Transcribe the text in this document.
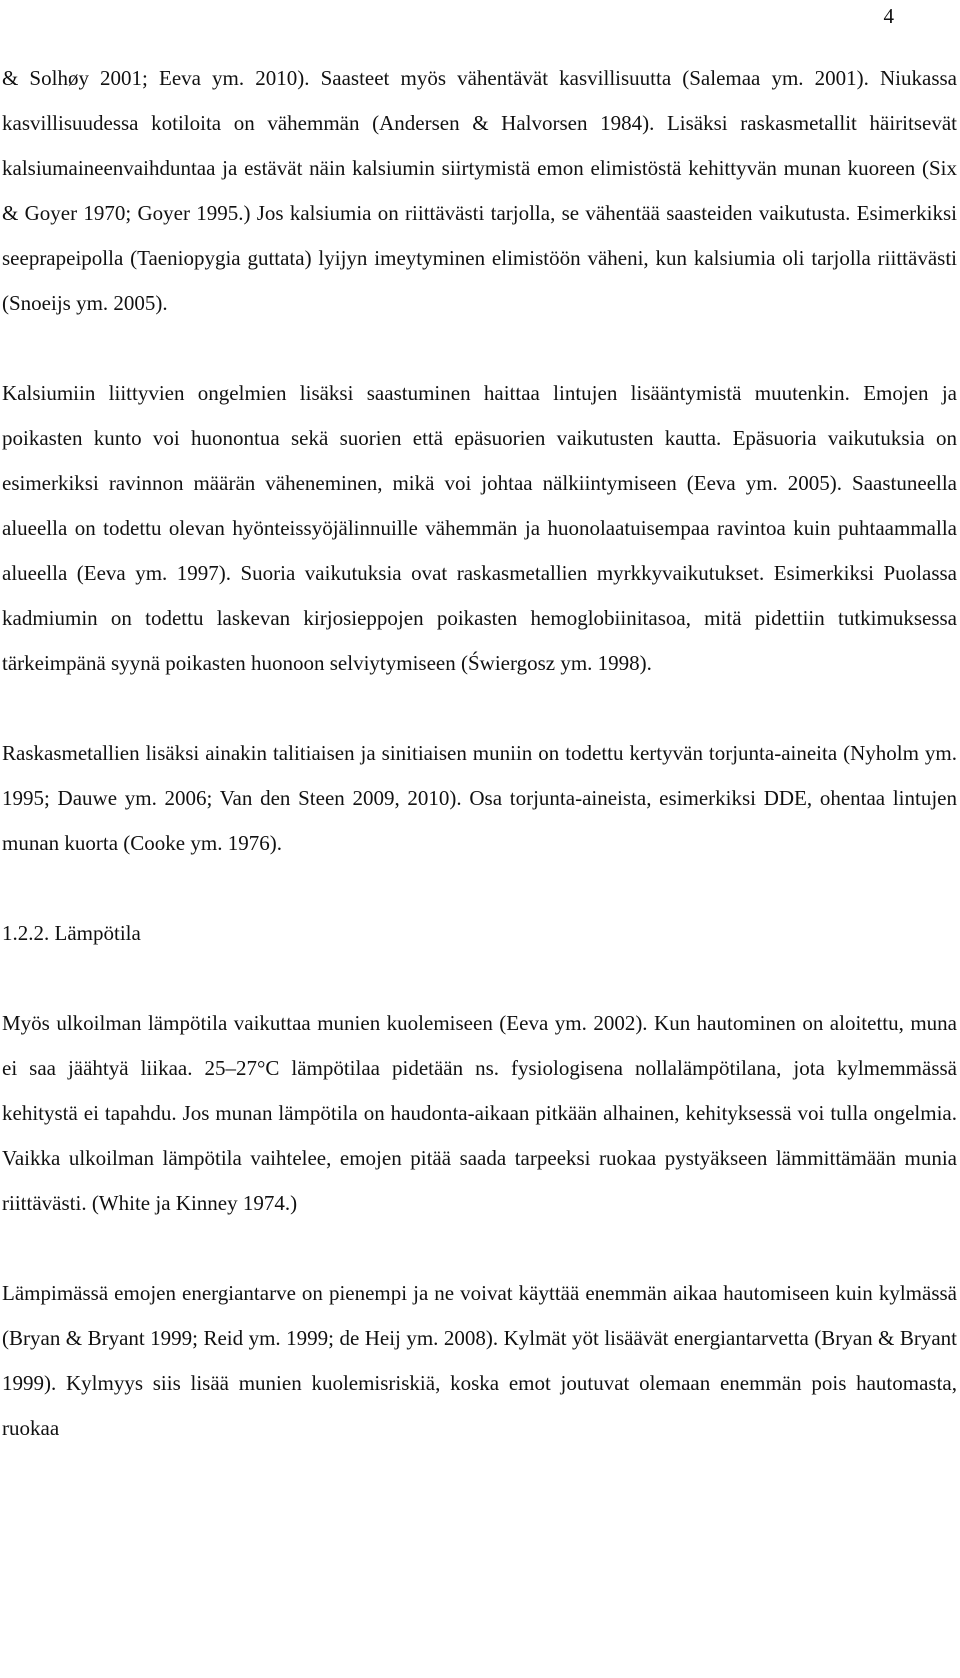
4

& Solhøy 2001; Eeva ym. 2010). Saasteet myös vähentävät kasvillisuutta (Salemaa ym. 2001). Niukassa kasvillisuudessa kotiloita on vähemmän (Andersen & Halvorsen 1984). Lisäksi raskasmetallit häiritsevät kalsiumaineenvaihduntaa ja estävät näin kalsiumin siirtymistä emon elimistöstä kehittyvän munan kuoreen (Six & Goyer 1970; Goyer 1995.) Jos kalsiumia on riittävästi tarjolla, se vähentää saasteiden vaikutusta. Esimerkiksi seeprapeipolla (Taeniopygia guttata) lyijyn imeytyminen elimistöön väheni, kun kalsiumia oli tarjolla riittävästi (Snoeijs ym. 2005).

Kalsiumiin liittyvien ongelmien lisäksi saastuminen haittaa lintujen lisääntymistä muutenkin. Emojen ja poikasten kunto voi huonontua sekä suorien että epäsuorien vaikutusten kautta. Epäsuoria vaikutuksia on esimerkiksi ravinnon määrän väheneminen, mikä voi johtaa nälkiintymiseen (Eeva ym. 2005). Saastuneella alueella on todettu olevan hyönteissyöjälinnuille vähemmän ja huonolaatuisempaa ravintoa kuin puhtaammalla alueella (Eeva ym. 1997). Suoria vaikutuksia ovat raskasmetallien myrkkyvaikutukset. Esimerkiksi Puolassa kadmiumin on todettu laskevan kirjosieppojen poikasten hemoglobiinitasoa, mitä pidettiin tutkimuksessa tärkeimpänä syynä poikasten huonoon selviytymiseen (Świergosz ym. 1998).

Raskasmetallien lisäksi ainakin talitiaisen ja sinitiaisen muniin on todettu kertyvän torjunta-aineita (Nyholm ym. 1995; Dauwe ym. 2006; Van den Steen 2009, 2010). Osa torjunta-aineista, esimerkiksi DDE, ohentaa lintujen munan kuorta (Cooke ym. 1976).

1.2.2. Lämpötila

Myös ulkoilman lämpötila vaikuttaa munien kuolemiseen (Eeva ym. 2002). Kun hautominen on aloitettu, muna ei saa jäähtyä liikaa. 25–27°C lämpötilaa pidetään ns. fysiologisena nollalämpötilana, jota kylmemmässä kehitystä ei tapahdu. Jos munan lämpötila on haudonta-aikaan pitkään alhainen, kehityksessä voi tulla ongelmia. Vaikka ulkoilman lämpötila vaihtelee, emojen pitää saada tarpeeksi ruokaa pystyäkseen lämmittämään munia riittävästi. (White ja Kinney 1974.)

Lämpimässä emojen energiantarve on pienempi ja ne voivat käyttää enemmän aikaa hautomiseen kuin kylmässä (Bryan & Bryant 1999; Reid ym. 1999; de Heij ym. 2008). Kylmät yöt lisäävät energiantarvetta (Bryan & Bryant 1999). Kylmyys siis lisää munien kuolemisriskiä, koska emot joutuvat olemaan enemmän pois hautomasta, ruokaa
